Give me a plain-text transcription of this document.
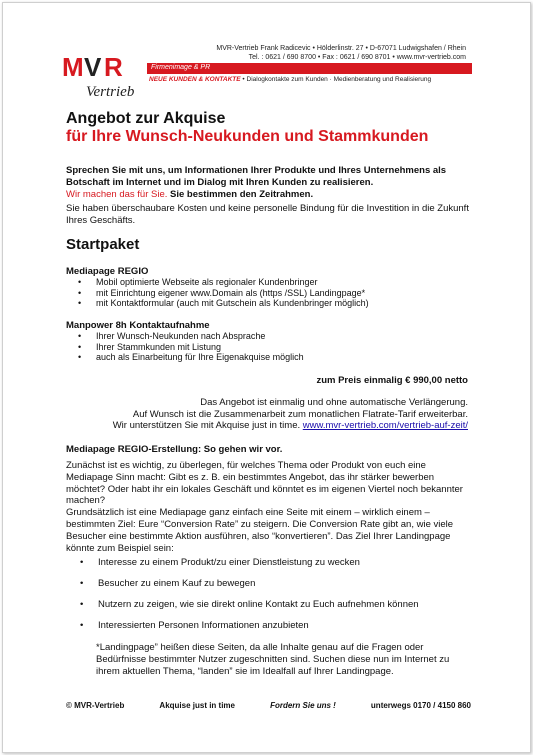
M V R
Vertrieb
MVR-Vertrieb Frank Radicevic • Hölderlinstr. 27 • D-67071 Ludwigshafen / Rhein
Tel. : 0621 / 690 8700 • Fax : 0621 / 690 8701 • www.mvr-vertrieb.com
Firmenimage & PR
NEUE KUNDEN & KONTAKTE • Dialogkontakte zum Kunden · Medienberatung und Realisierung
Angebot zur Akquise
für Ihre Wunsch-Neukunden und Stammkunden
Sprechen Sie mit uns, um Informationen Ihrer Produkte und Ihres Unternehmens als Botschaft im Internet und im Dialog mit Ihren Kunden zu realisieren.
Wir machen das für Sie. Sie bestimmen den Zeitrahmen.
Sie haben überschaubare Kosten und keine personelle Bindung für die Investition in die Zukunft Ihres Geschäfts.
Startpaket
Mediapage REGIO
• Mobil optimierte Webseite als regionaler Kundenbringer
• mit Einrichtung eigener www.Domain als (https /SSL) Landingpage*
• mit Kontaktformular (auch mit Gutschein als Kundenbringer möglich)
Manpower 8h Kontaktaufnahme
• Ihrer Wunsch-Neukunden nach Absprache
• Ihrer Stammkunden mit Listung
• auch als Einarbeitung für Ihre Eigenakquise möglich
zum Preis einmalig € 990,00 netto
Das Angebot ist einmalig und ohne automatische Verlängerung.
Auf Wunsch ist die Zusammenarbeit zum monatlichen Flatrate-Tarif erweiterbar.
Wir unterstützen Sie mit Akquise just in time. www.mvr-vertrieb.com/vertrieb-auf-zeit/
Mediapage REGIO-Erstellung: So gehen wir vor.
Zunächst ist es wichtig, zu überlegen, für welches Thema oder Produkt von euch eine Mediapage Sinn macht: Gibt es z. B. ein bestimmtes Angebot, das ihr stärker bewerben möchtet? Oder habt ihr ein lokales Geschäft und könntet es im eigenen Viertel noch bekannter machen?
Grundsätzlich ist eine Mediapage ganz einfach eine Seite mit einem – wirklich einem – bestimmten Ziel: Eure “Conversion Rate” zu steigern. Die Conversion Rate gibt an, wie viele Besucher eine bestimmte Aktion ausführen, also “konvertieren”. Das Ziel Ihrer Landingpage könnte zum Beispiel sein:
• Interesse zu einem Produkt/zu einer Dienstleistung zu wecken
• Besucher zu einem Kauf zu bewegen
• Nutzern zu zeigen, wie sie direkt online Kontakt zu Euch aufnehmen können
• Interessierten Personen Informationen anzubieten
*Landingpage” heißen diese Seiten, da alle Inhalte genau auf die Fragen oder Bedürfnisse bestimmter Nutzer zugeschnitten sind. Suchen diese nun im Internet zu ihrem aktuellen Thema, “landen” sie im Idealfall auf Ihrer Landingpage.
© MVR-Vertrieb	Akquise just in time	Fordern Sie uns !	unterwegs 0170 / 4150 860
